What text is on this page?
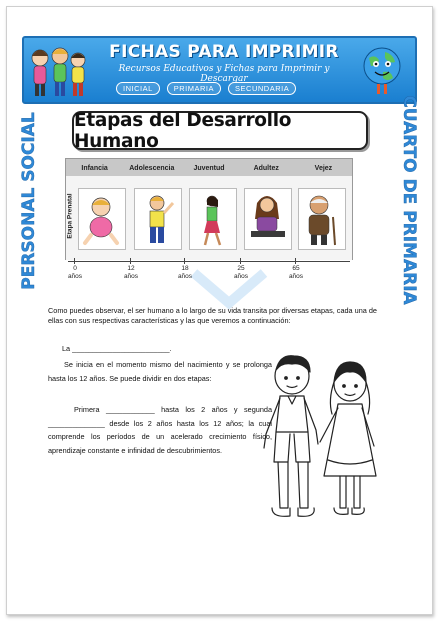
FICHAS PARA IMPRIMIR
Recursos Educativos y Fichas para Imprimir y Descargar
INICIAL	PRIMARIA	SECUNDARIA
PERSONAL SOCIAL	CUARTO DE PRIMARIA
Etapas del Desarrollo Humano
Infancia	Adolescencia	Juventud	Adultez	Vejez
Etapa Prenatal
0
años
12
años
18
años
25
años
65
años
Como puedes observar, el ser humano a lo largo de su vida transita por diversas etapas, cada una de ellas con sus respectivas características y las que veremos a continuación:
La ________________________.
Se inicia en el momento mismo del nacimiento y se prolonga hasta los 12 años. Se puede dividir en dos etapas:
Primera ____________ hasta los 2 años y segunda ______________ desde los 2 años hasta los 12 años; la cual comprende los períodos de un acelerado crecimiento físico, aprendizaje constante e infinidad de descubrimientos.
